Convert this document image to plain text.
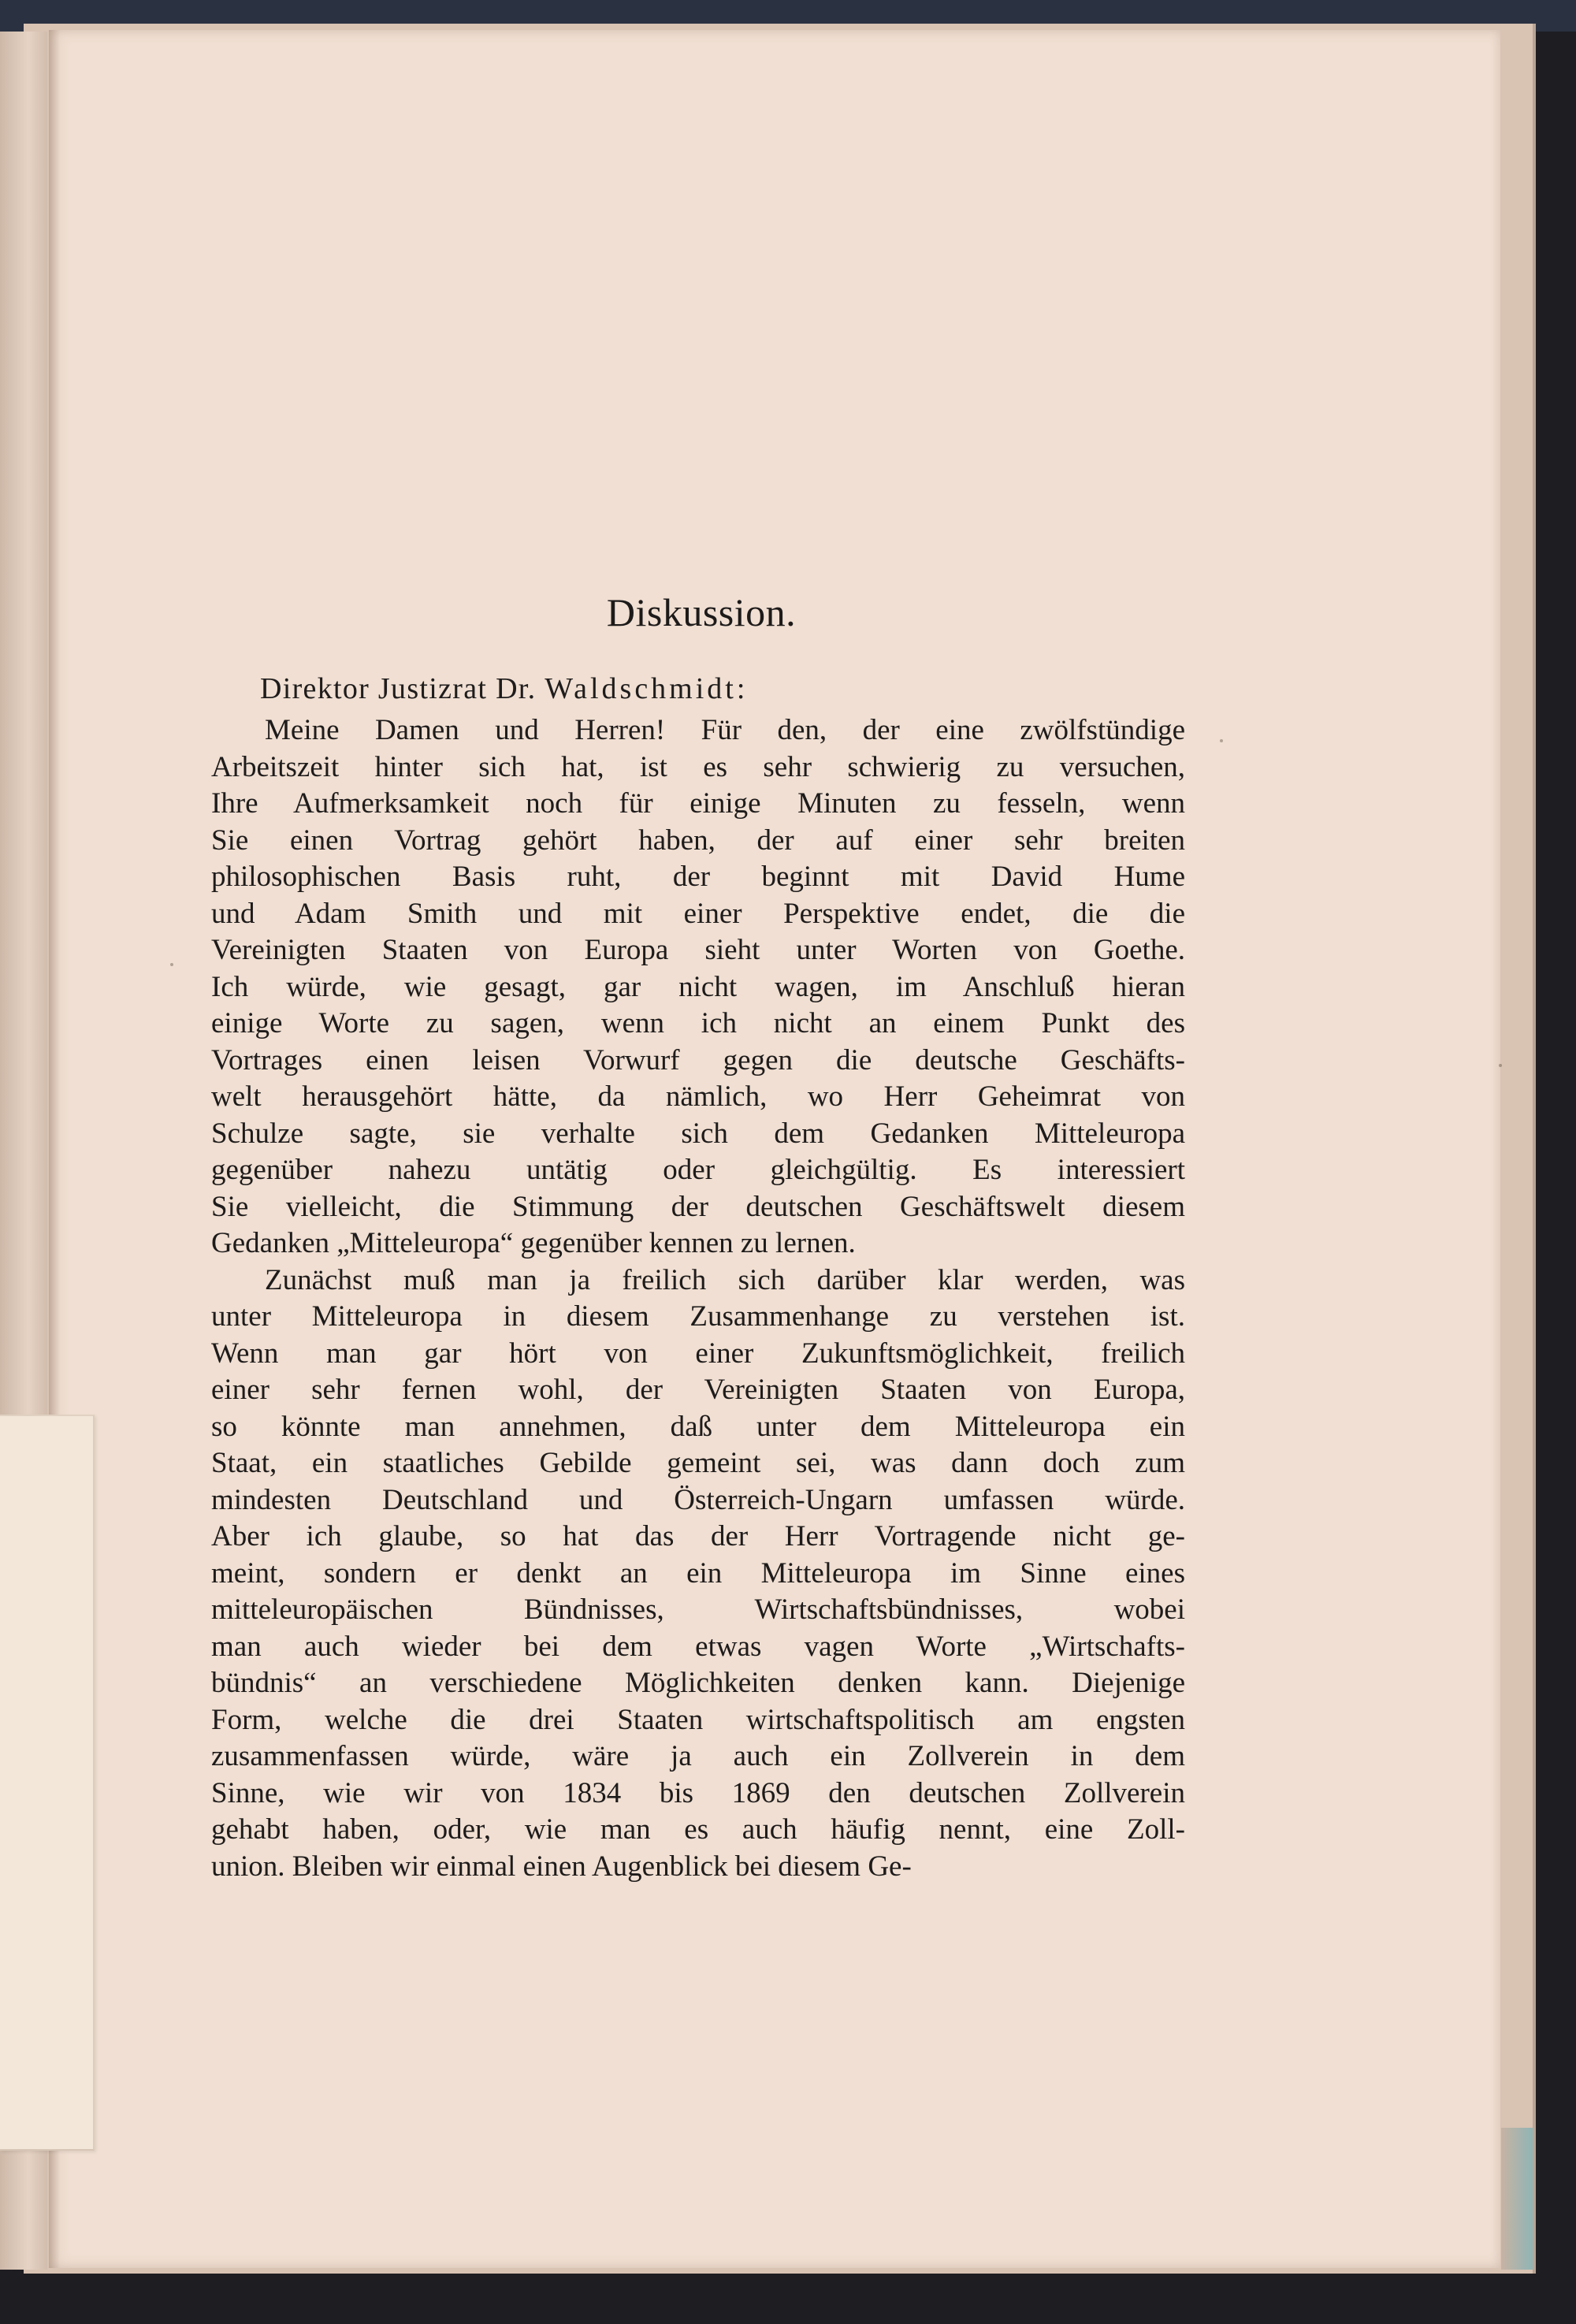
Diskussion.
Direktor Justizrat Dr. Waldschmidt:
Meine Damen und Herren! Für den, der eine zwölfstündige
Arbeitszeit hinter sich hat, ist es sehr schwierig zu versuchen,
Ihre Aufmerksamkeit noch für einige Minuten zu fesseln, wenn
Sie einen Vortrag gehört haben, der auf einer sehr breiten
philosophischen Basis ruht, der beginnt mit David Hume
und Adam Smith und mit einer Perspektive endet, die die
Vereinigten Staaten von Europa sieht unter Worten von Goethe.
Ich würde, wie gesagt, gar nicht wagen, im Anschluß hieran
einige Worte zu sagen, wenn ich nicht an einem Punkt des
Vortrages einen leisen Vorwurf gegen die deutsche Geschäfts-
welt herausgehört hätte, da nämlich, wo Herr Geheimrat von
Schulze sagte, sie verhalte sich dem Gedanken Mitteleuropa
gegenüber nahezu untätig oder gleichgültig. Es interessiert
Sie vielleicht, die Stimmung der deutschen Geschäftswelt diesem
Gedanken „Mitteleuropa“ gegenüber kennen zu lernen.
Zunächst muß man ja freilich sich darüber klar werden, was
unter Mitteleuropa in diesem Zusammenhange zu verstehen ist.
Wenn man gar hört von einer Zukunftsmöglichkeit, freilich
einer sehr fernen wohl, der Vereinigten Staaten von Europa,
so könnte man annehmen, daß unter dem Mitteleuropa ein
Staat, ein staatliches Gebilde gemeint sei, was dann doch zum
mindesten Deutschland und Österreich-Ungarn umfassen würde.
Aber ich glaube, so hat das der Herr Vortragende nicht ge-
meint, sondern er denkt an ein Mitteleuropa im Sinne eines
mitteleuropäischen Bündnisses, Wirtschaftsbündnisses, wobei
man auch wieder bei dem etwas vagen Worte „Wirtschafts-
bündnis“ an verschiedene Möglichkeiten denken kann. Diejenige
Form, welche die drei Staaten wirtschaftspolitisch am engsten
zusammenfassen würde, wäre ja auch ein Zollverein in dem
Sinne, wie wir von 1834 bis 1869 den deutschen Zollverein
gehabt haben, oder, wie man es auch häufig nennt, eine Zoll-
union. Bleiben wir einmal einen Augenblick bei diesem Ge-
